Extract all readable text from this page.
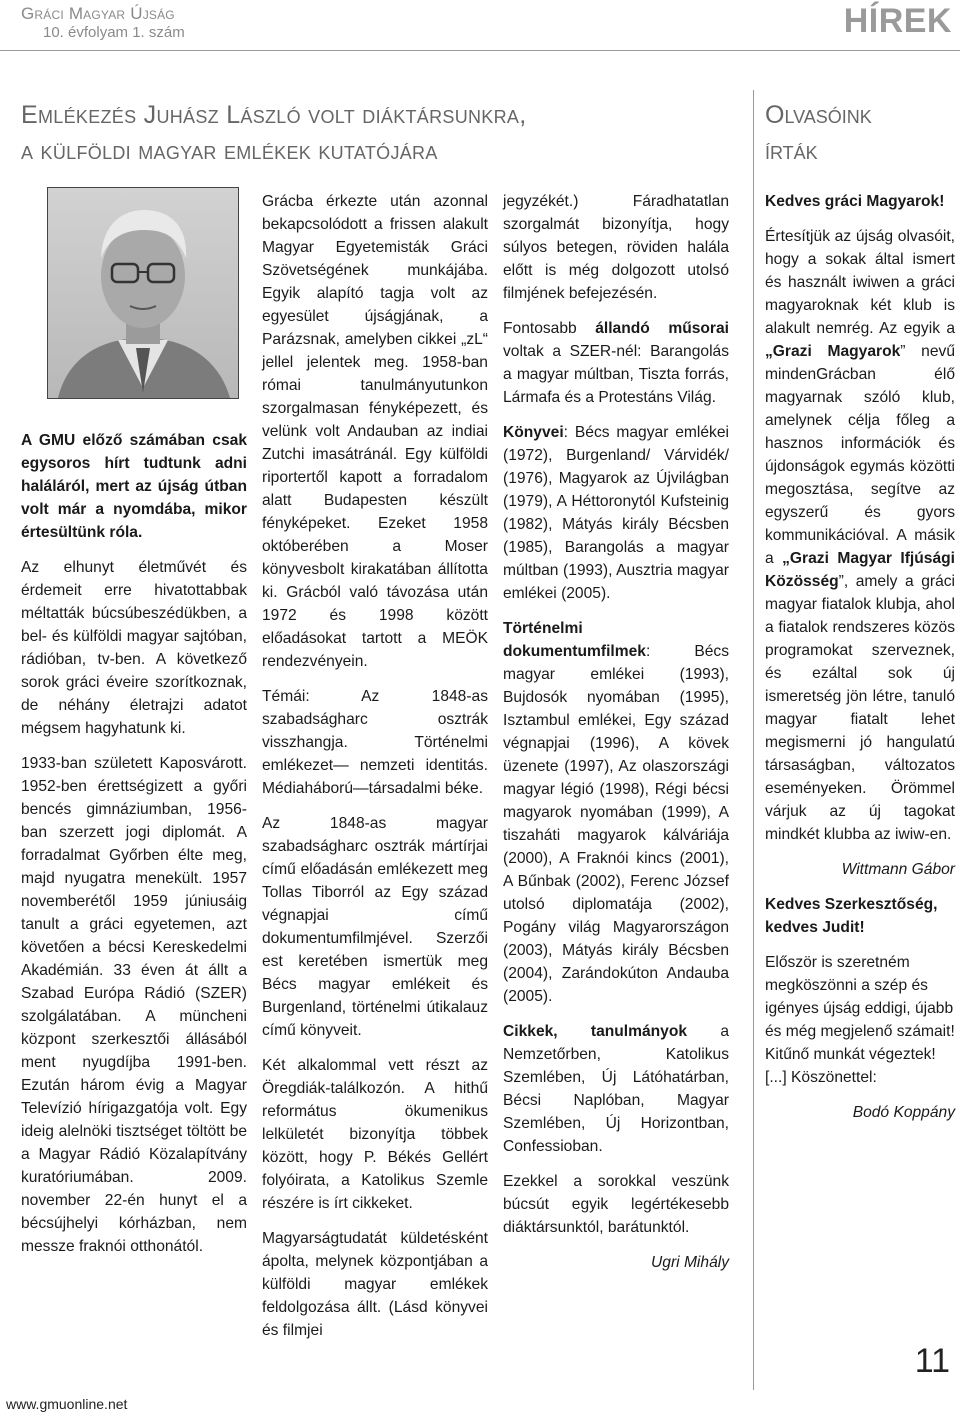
Gráci Magyar Újság
10. évfolyam 1. szám	HÍREK
Emlékezés Juhász László volt diáktársunkra,
a külföldi magyar emlékek kutatójára
Olvasóink
írták

A GMU előző számában csak egysoros hírt tudtunk adni haláláról, mert az újság útban volt már a nyomdába, mikor értesültünk róla.

Az elhunyt életművét és érdemeit erre hivatottabbak méltatták búcsúbeszédükben, a bel- és külföldi magyar sajtóban, rádióban, tv-ben. A következő sorok gráci éveire szorítkoznak, de néhány életrajzi adatot mégsem hagyhatunk ki.

1933-ban született Kaposvárott. 1952-ben érettségizett a győri bencés gimnáziumban, 1956-ban szerzett jogi diplomát. A forradalmat Győrben élte meg, majd nyugatra menekült. 1957 novemberétől 1959 júniusáig tanult a gráci egyetemen, azt követően a bécsi Kereskedelmi Akadémián. 33 éven át állt a Szabad Európa Rádió (SZER) szolgálatában. A müncheni központ szerkesztői állásából ment nyugdíjba 1991-ben. Ezután három évig a Magyar Televízió hírigazgatója volt. Egy ideig alelnöki tisztséget töltött be a Magyar Rádió Közalapítvány kuratóriumában. 2009. november 22-én hunyt el a bécsújhelyi kórházban, nem messze fraknói otthonától.

Grácba érkezte után azonnal bekapcsolódott a frissen alakult Magyar Egyetemisták Gráci Szövetségének munkájába. Egyik alapító tagja volt az egyesület újságjának, a Parázsnak, amelyben cikkei „zL“ jellel jelentek meg. 1958-ban római tanulmányutunkon szorgalmasan fényképezett, és velünk volt Andauban az indiai Zutchi imasátránál. Egy külföldi riportertől kapott a forradalom alatt Budapesten készült fényképeket. Ezeket 1958 októberében a Moser könyvesbolt kirakatában állította ki. Grácból való távozása után 1972 és 1998 között előadásokat tartott a MEÖK rendezvényein.

Témái: Az 1848-as szabadságharc osztrák visszhangja. Történelmi emlékezet— nemzeti identitás. Médiaháború—társadalmi béke.

Az 1848-as magyar szabadságharc osztrák mártírjai című előadásán emlékezett meg Tollas Tiborról az Egy század végnapjai című dokumentumfilmjével. Szerzői est keretében ismertük meg Bécs magyar emlékeit és Burgenland, történelmi útikalauz című könyveit.

Két alkalommal vett részt az Öregdiák-találkozón. A hithű református ökumenikus lelkületét bizonyítja többek között, hogy P. Békés Gellért folyóirata, a Katolikus Szemle részére is írt cikkeket.

Magyarságtudatát küldetésként ápolta, melynek központjában a külföldi magyar emlékek feldolgozása állt. (Lásd könyvei és filmjei

jegyzékét.) Fáradhatatlan szorgalmát bizonyítja, hogy súlyos betegen, röviden halála előtt is még dolgozott utolsó filmjének befejezésén.

Fontosabb állandó műsorai voltak a SZER-nél: Barangolás a magyar múltban, Tiszta forrás, Lármafa és a Protestáns Világ.

Könyvei: Bécs magyar emlékei (1972), Burgenland/ Várvidék/ (1976), Magyarok az Újvilágban (1979), A Héttoronytól Kufsteinig (1982), Mátyás király Bécsben (1985), Barangolás a magyar múltban (1993), Ausztria magyar emlékei (2005).

Történelmi dokumentumfilmek: Bécs magyar emlékei (1993), Bujdosók nyomában (1995), Isztambul emlékei, Egy század végnapjai (1996), A kövek üzenete (1997), Az olaszországi magyar légió (1998), Régi bécsi magyarok nyomában (1999), A tiszaháti magyarok kálváriája (2000), A Fraknói kincs (2001), A Bűnbak (2002), Ferenc József utolsó diplomatája (2002), Pogány világ Magyarországon (2003), Mátyás király Bécsben (2004), Zarándokúton Andauba (2005).

Cikkek, tanulmányok a Nemzetőrben, Katolikus Szemlében, Új Látóhatárban, Bécsi Naplóban, Magyar Szemlében, Új Horizontban, Confessioban.

Ezekkel a sorokkal veszünk búcsút egyik legértékesebb diáktársunktól, barátunktól.

Ugri Mihály

Kedves gráci Magyarok!

Értesítjük az újság olvasóit, hogy a sokak által ismert és használt iwiwen a gráci magyaroknak két klub is alakult nemrég. Az egyik a „Grazi Magyarok” nevű mindenGrácban élő magyarnak szóló klub, amelynek célja főleg a hasznos információk és újdonságok egymás közötti megosztása, segítve az egyszerű és gyors kommunikációval. A másik a „Grazi Magyar Ifjúsági Közösség”, amely a gráci magyar fiatalok klubja, ahol a fiatalok rendszeres közös programokat szerveznek, és ezáltal sok új ismeretség jön létre, tanuló magyar fiatalt lehet megismerni jó hangulatú társaságban, változatos eseményeken. Örömmel várjuk az új tagokat mindkét klubba az iwiw-en.

Wittmann Gábor

Kedves Szerkesztőség, kedves Judit!

Először is szeretném megköszönni a szép és igényes újság eddigi, újabb és még megjelenő számait! Kitűnő munkát végeztek! [...] Köszönettel:

Bodó Koppány

www.gmuonline.net
11
